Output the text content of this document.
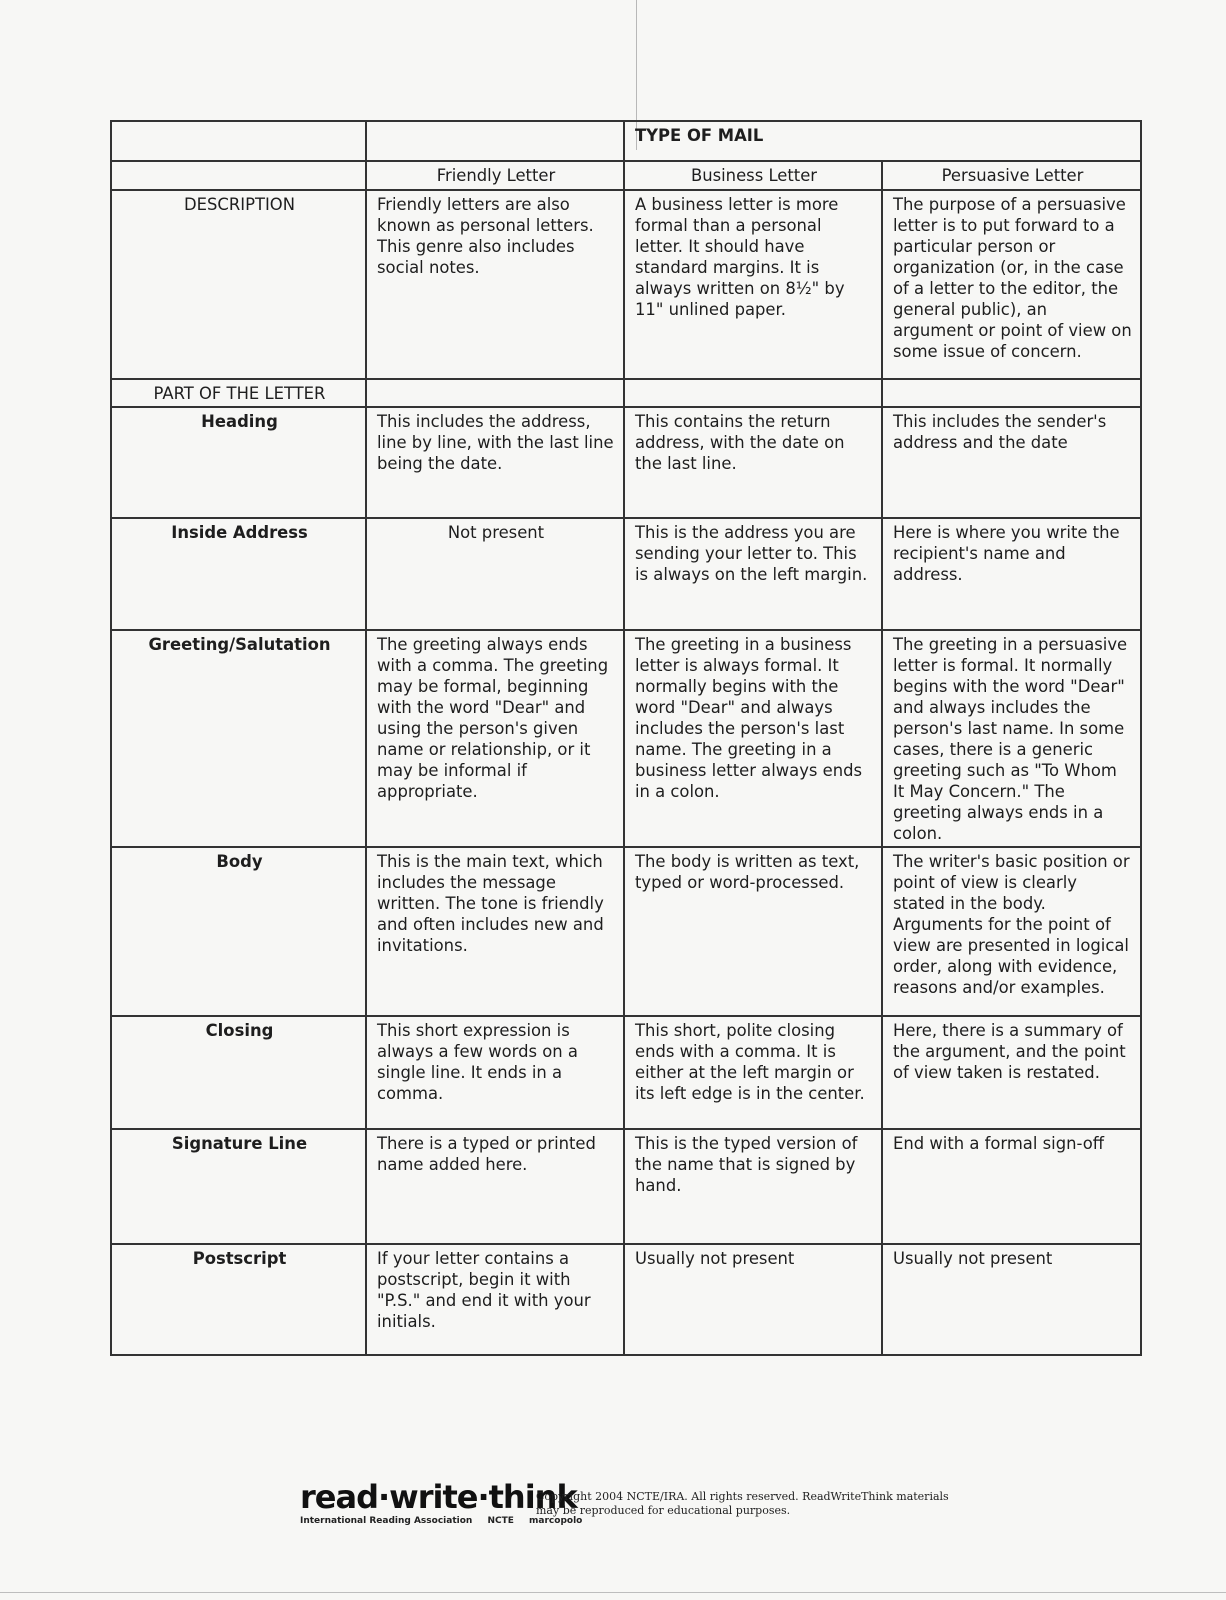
		TYPE OF MAIL	
	Friendly Letter	Business Letter	Persuasive Letter
DESCRIPTION	Friendly letters are also known as personal letters. This genre also includes social notes.	A business letter is more formal than a personal letter. It should have standard margins. It is always written on 8½" by 11" unlined paper.	The purpose of a persuasive letter is to put forward to a particular person or organization (or, in the case of a letter to the editor, the general public), an argument or point of view on some issue of concern.
PART OF THE LETTER			
Heading	This includes the address, line by line, with the last line being the date.	This contains the return address, with the date on the last line.	This includes the sender's address and the date
Inside Address	Not present	This is the address you are sending your letter to. This is always on the left margin.	Here is where you write the recipient's name and address.
Greeting/Salutation	The greeting always ends with a comma. The greeting may be formal, beginning with the word "Dear" and using the person's given name or relationship, or it may be informal if appropriate.	The greeting in a business letter is always formal. It normally begins with the word "Dear" and always includes the person's last name. The greeting in a business letter always ends in a colon.	The greeting in a persuasive letter is formal. It normally begins with the word "Dear" and always includes the person's last name. In some cases, there is a generic greeting such as "To Whom It May Concern." The greeting always ends in a colon.
Body	This is the main text, which includes the message written. The tone is friendly and often includes new and invitations.	The body is written as text, typed or word-processed.	The writer's basic position or point of view is clearly stated in the body. Arguments for the point of view are presented in logical order, along with evidence, reasons and/or examples.
Closing	This short expression is always a few words on a single line. It ends in a comma.	This short, polite closing ends with a comma. It is either at the left margin or its left edge is in the center.	Here, there is a summary of the argument, and the point of view taken is restated.
Signature Line	There is a typed or printed name added here.	This is the typed version of the name that is signed by hand.	End with a formal sign-off
Postscript	If your letter contains a postscript, begin it with "P.S." and end it with your initials.	Usually not present	Usually not present
read·write·think
International Reading Association NCTE marcopolo
Copyright 2004 NCTE/IRA. All rights reserved. ReadWriteThink materials may be reproduced for educational purposes.
